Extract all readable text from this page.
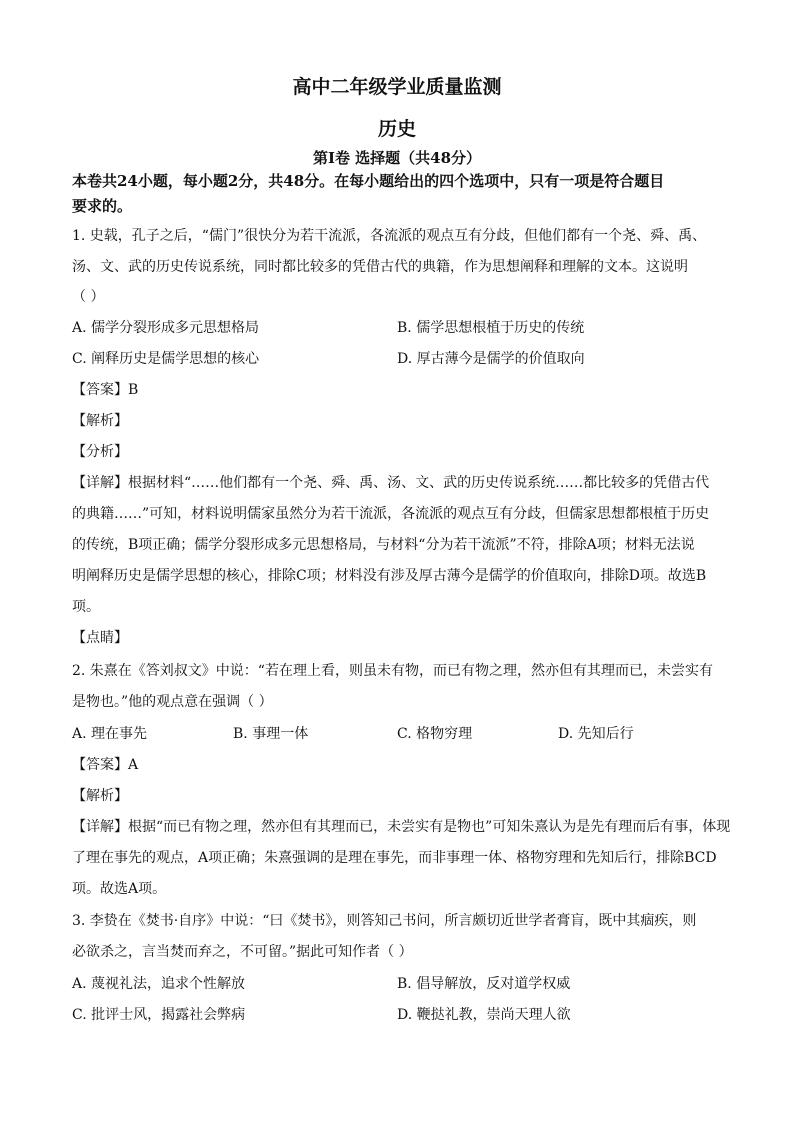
高中二年级学业质量监测
历史
第Ⅰ卷 选择题（共48分）
本卷共24小题，每小题2分，共48分。在每小题给出的四个选项中，只有一项是符合题目
要求的。
1. 史载，孔子之后，“儒门”很快分为若干流派，各流派的观点互有分歧，但他们都有一个尧、舜、禹、
汤、文、武的历史传说系统，同时都比较多的凭借古代的典籍，作为思想阐释和理解的文本。这说明
（ ）
A. 儒学分裂形成多元思想格局	B. 儒学思想根植于历史的传统
C. 阐释历史是儒学思想的核心	D. 厚古薄今是儒学的价值取向
【答案】B
【解析】
【分析】
【详解】根据材料“……他们都有一个尧、舜、禹、汤、文、武的历史传说系统……都比较多的凭借古代
的典籍……”可知，材料说明儒家虽然分为若干流派，各流派的观点互有分歧，但儒家思想都根植于历史
的传统，B项正确；儒学分裂形成多元思想格局，与材料“分为若干流派”不符，排除A项；材料无法说
明阐释历史是儒学思想的核心，排除C项；材料没有涉及厚古薄今是儒学的价值取向，排除D项。故选B
项。
【点睛】
2. 朱熹在《答刘叔文》中说：“若在理上看，则虽未有物，而已有物之理，然亦但有其理而已，未尝实有
是物也。”他的观点意在强调（ ）
A. 理在事先	B. 事理一体	C. 格物穷理	D. 先知后行
【答案】A
【解析】
【详解】根据“而已有物之理，然亦但有其理而已，未尝实有是物也”可知朱熹认为是先有理而后有事，体现
了理在事先的观点，A项正确；朱熹强调的是理在事先，而非事理一体、格物穷理和先知后行，排除BCD
项。故选A项。
3. 李贽在《焚书·自序》中说：“曰《焚书》，则答知己书问，所言颇切近世学者膏肓，既中其痼疾，则
必欲杀之，言当焚而弃之，不可留。”据此可知作者（ ）
A. 蔑视礼法，追求个性解放	B. 倡导解放，反对道学权威
C. 批评士风，揭露社会弊病	D. 鞭挞礼教，崇尚天理人欲
